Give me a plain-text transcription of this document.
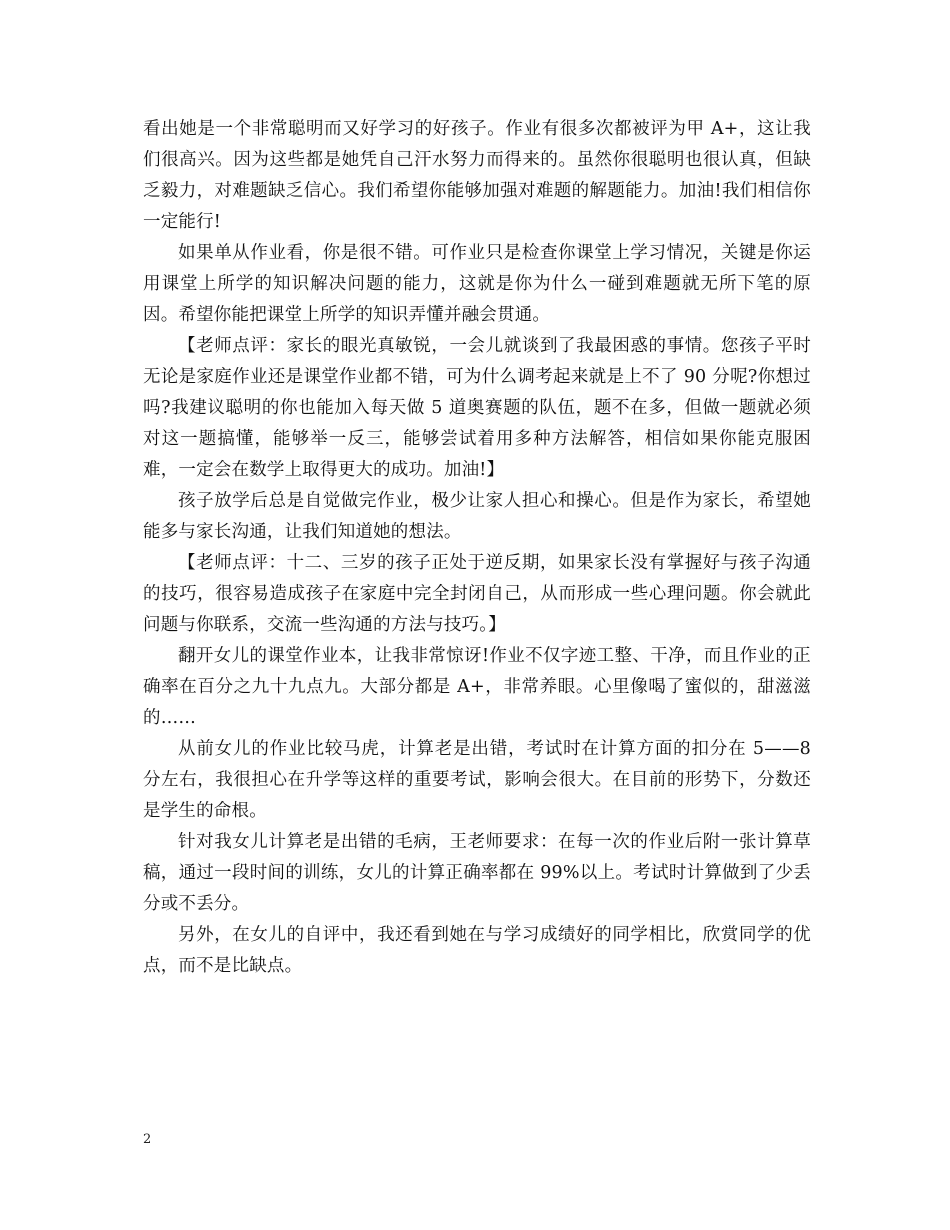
看出她是一个非常聪明而又好学习的好孩子。作业有很多次都被评为甲 A+，这让我们很高兴。因为这些都是她凭自己汗水努力而得来的。虽然你很聪明也很认真，但缺乏毅力，对难题缺乏信心。我们希望你能够加强对难题的解题能力。加油!我们相信你一定能行!

如果单从作业看，你是很不错。可作业只是检查你课堂上学习情况，关键是你运用课堂上所学的知识解决问题的能力，这就是你为什么一碰到难题就无所下笔的原因。希望你能把课堂上所学的知识弄懂并融会贯通。

【老师点评：家长的眼光真敏锐，一会儿就谈到了我最困惑的事情。您孩子平时无论是家庭作业还是课堂作业都不错，可为什么调考起来就是上不了 90 分呢?你想过吗?我建议聪明的你也能加入每天做 5 道奥赛题的队伍，题不在多，但做一题就必须对这一题搞懂，能够举一反三，能够尝试着用多种方法解答，相信如果你能克服困难，一定会在数学上取得更大的成功。加油!】

孩子放学后总是自觉做完作业，极少让家人担心和操心。但是作为家长，希望她能多与家长沟通，让我们知道她的想法。

【老师点评：十二、三岁的孩子正处于逆反期，如果家长没有掌握好与孩子沟通的技巧，很容易造成孩子在家庭中完全封闭自己，从而形成一些心理问题。你会就此问题与你联系，交流一些沟通的方法与技巧。】

翻开女儿的课堂作业本，让我非常惊讶!作业不仅字迹工整、干净，而且作业的正确率在百分之九十九点九。大部分都是 A+，非常养眼。心里像喝了蜜似的，甜滋滋的……

从前女儿的作业比较马虎，计算老是出错，考试时在计算方面的扣分在 5——8 分左右，我很担心在升学等这样的重要考试，影响会很大。在目前的形势下，分数还是学生的命根。

针对我女儿计算老是出错的毛病，王老师要求：在每一次的作业后附一张计算草稿，通过一段时间的训练，女儿的计算正确率都在 99%以上。考试时计算做到了少丢分或不丢分。

另外，在女儿的自评中，我还看到她在与学习成绩好的同学相比，欣赏同学的优点，而不是比缺点。

2
